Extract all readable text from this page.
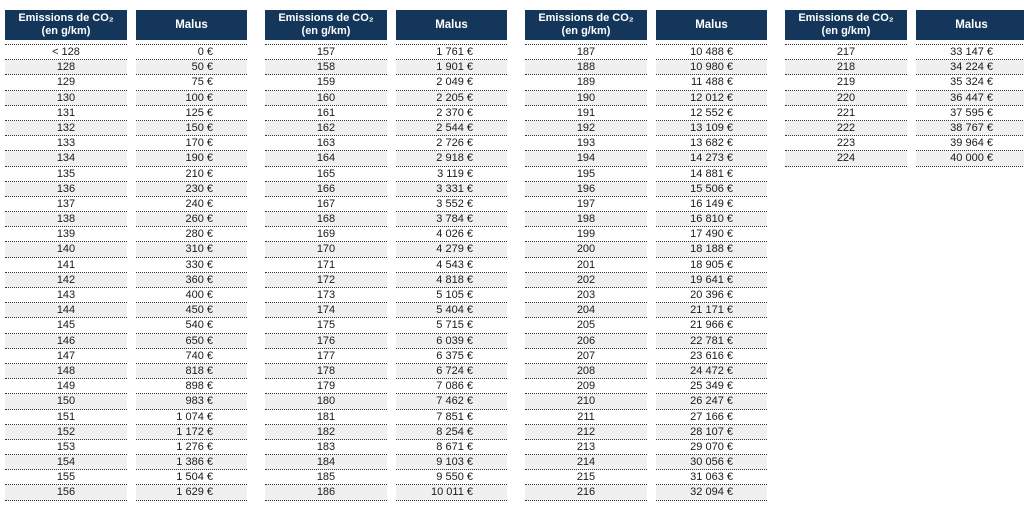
Emissions de CO₂
(en g/km)
< 128
128
129
130
131
132
133
134
135
136
137
138
139
140
141
142
143
144
145
146
147
148
149
150
151
152
153
154
155
156
Malus
0 €
50 €
75 €
100 €
125 €
150 €
170 €
190 €
210 €
230 €
240 €
260 €
280 €
310 €
330 €
360 €
400 €
450 €
540 €
650 €
740 €
818 €
898 €
983 €
1 074 €
1 172 €
1 276 €
1 386 €
1 504 €
1 629 €
Emissions de CO₂
(en g/km)
157
158
159
160
161
162
163
164
165
166
167
168
169
170
171
172
173
174
175
176
177
178
179
180
181
182
183
184
185
186
Malus
1 761 €
1 901 €
2 049 €
2 205 €
2 370 €
2 544 €
2 726 €
2 918 €
3 119 €
3 331 €
3 552 €
3 784 €
4 026 €
4 279 €
4 543 €
4 818 €
5 105 €
5 404 €
5 715 €
6 039 €
6 375 €
6 724 €
7 086 €
7 462 €
7 851 €
8 254 €
8 671 €
9 103 €
9 550 €
10 011 €
Emissions de CO₂
(en g/km)
187
188
189
190
191
192
193
194
195
196
197
198
199
200
201
202
203
204
205
206
207
208
209
210
211
212
213
214
215
216
Malus
10 488 €
10 980 €
11 488 €
12 012 €
12 552 €
13 109 €
13 682 €
14 273 €
14 881 €
15 506 €
16 149 €
16 810 €
17 490 €
18 188 €
18 905 €
19 641 €
20 396 €
21 171 €
21 966 €
22 781 €
23 616 €
24 472 €
25 349 €
26 247 €
27 166 €
28 107 €
29 070 €
30 056 €
31 063 €
32 094 €
Emissions de CO₂
(en g/km)
217
218
219
220
221
222
223
224
Malus
33 147 €
34 224 €
35 324 €
36 447 €
37 595 €
38 767 €
39 964 €
40 000 €
